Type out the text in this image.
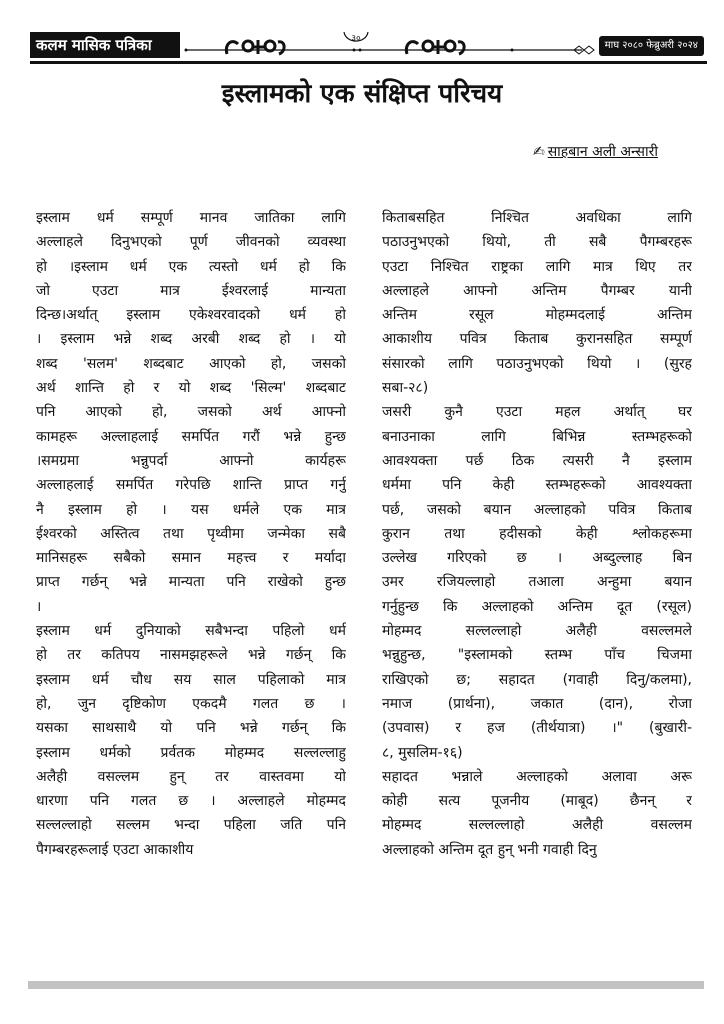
कलम मासिक पत्रिका	३०
माघ २०८० फेब्रुअरी २०२४
इस्लामको एक संक्षिप्त परिचय
✍ साहबान अली अन्सारी
इस्लाम धर्म सम्पूर्ण मानव जातिका लागि
अल्लाहले दिनुभएको पूर्ण जीवनको व्यवस्था
हो ।इस्लाम धर्म एक त्यस्तो धर्म हो कि
जो एउटा मात्र ईश्वरलाई मान्यता
दिन्छ।अर्थात् इस्लाम एकेश्वरवादको धर्म हो
। इस्लाम भन्ने शब्द अरबी शब्द हो । यो
शब्द 'सलम' शब्दबाट आएको हो, जसको
अर्थ शान्ति हो र यो शब्द 'सिल्म' शब्दबाट
पनि आएको हो, जसको अर्थ आफ्नो
कामहरू अल्लाहलाई समर्पित गरौं भन्ने हुन्छ
।समग्रमा भन्नुपर्दा आफ्नो कार्यहरू
अल्लाहलाई समर्पित गरेपछि शान्ति प्राप्त गर्नु
नै इस्लाम हो । यस धर्मले एक मात्र
ईश्वरको अस्तित्व तथा पृथ्वीमा जन्मेका सबै
मानिसहरू सबैको समान महत्त्व र मर्यादा
प्राप्त गर्छन् भन्ने मान्यता पनि राखेको हुन्छ
।
इस्लाम धर्म दुनियाको सबैभन्दा पहिलो धर्म
हो तर कतिपय नासमझहरूले भन्ने गर्छन् कि
इस्लाम धर्म चौध सय साल पहिलाको मात्र
हो, जुन दृष्टिकोण एकदमै गलत छ ।
यसका साथसाथै यो पनि भन्ने गर्छन् कि
इस्लाम धर्मको प्रर्वतक मोहम्मद सल्लल्लाहु
अलैही वसल्लम हुन् तर वास्तवमा यो
धारणा पनि गलत छ । अल्लाहले मोहम्मद
सल्लल्लाहो सल्लम भन्दा पहिला जति पनि
पैगम्बरहरूलाई एउटा आकाशीय
किताबसहित निश्चित अवधिका लागि
पठाउनुभएको थियो, ती सबै पैगम्बरहरू
एउटा निश्चित राष्ट्रका लागि मात्र थिए तर
अल्लाहले आफ्नो अन्तिम पैगम्बर यानी
अन्तिम रसूल मोहम्मदलाई अन्तिम
आकाशीय पवित्र किताब कुरानसहित सम्पूर्ण
संसारको लागि पठाउनुभएको थियो । (सुरह
सबा-२८)
जसरी कुनै एउटा महल अर्थात् घर
बनाउनाका लागि बिभिन्न स्तम्भहरूको
आवश्यक्ता पर्छ ठिक त्यसरी नै इस्लाम
धर्ममा पनि केही स्तम्भहरूको आवश्यक्ता
पर्छ, जसको बयान अल्लाहको पवित्र किताब
कुरान तथा हदीसको केही श्लोकहरूमा
उल्लेख गरिएको छ । अब्दुल्लाह बिन
उमर रजियल्लाहो तआला अन्हुमा बयान
गर्नुहुन्छ कि अल्लाहको अन्तिम दूत (रसूल)
मोहम्मद सल्लल्लाहो अलैही वसल्लमले
भन्नुहुन्छ, "इस्लामको स्तम्भ पाँच चिजमा
राखिएको छ; सहादत (गवाही दिनु/कलमा),
नमाज (प्रार्थना), जकात (दान), रोजा
(उपवास) र हज (तीर्थयात्रा) ।" (बुखारी-
८, मुसलिम-१६)
सहादत भन्नाले अल्लाहको अलावा अरू
कोही सत्य पूजनीय (माबूद) छैनन् र
मोहम्मद सल्लल्लाहो अलैही वसल्लम
अल्लाहको अन्तिम दूत हुन् भनी गवाही दिनु
